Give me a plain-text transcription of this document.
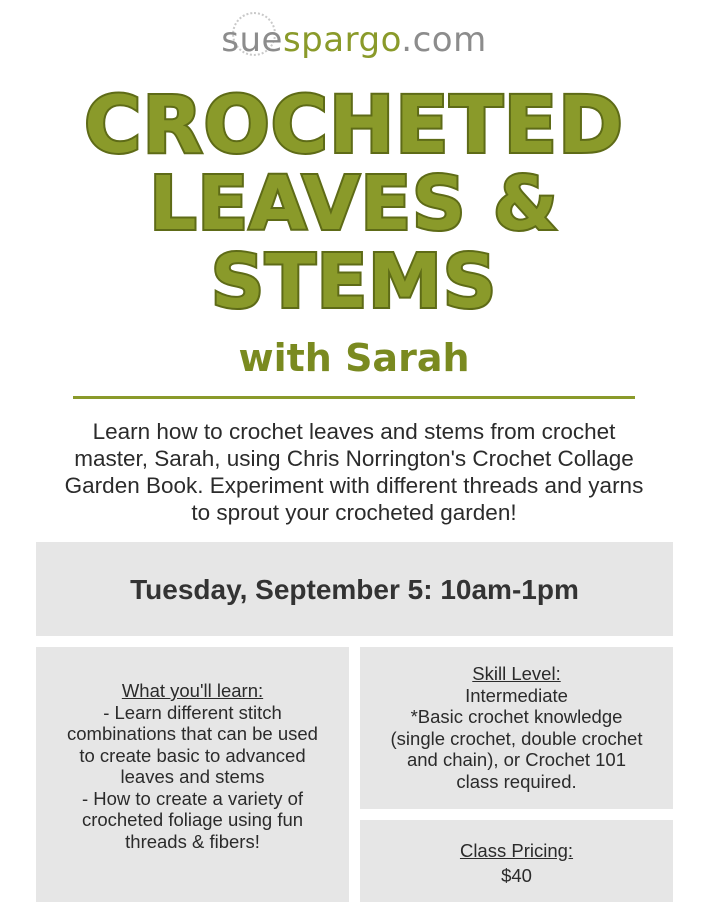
suespargo.com
CROCHETED
LEAVES &
STEMS
with Sarah
Learn how to crochet leaves and stems from crochet master, Sarah, using Chris Norrington's Crochet Collage Garden Book. Experiment with different threads and yarns to sprout your crocheted garden!
Tuesday, September 5: 10am-1pm
What you'll learn:
- Learn different stitch
combinations that can be used
to create basic to advanced
leaves and stems
- How to create a variety of
crocheted foliage using fun
threads & fibers!
Skill Level:
Intermediate
*Basic crochet knowledge
(single crochet, double crochet
and chain), or Crochet 101
class required.
Class Pricing:
$40
